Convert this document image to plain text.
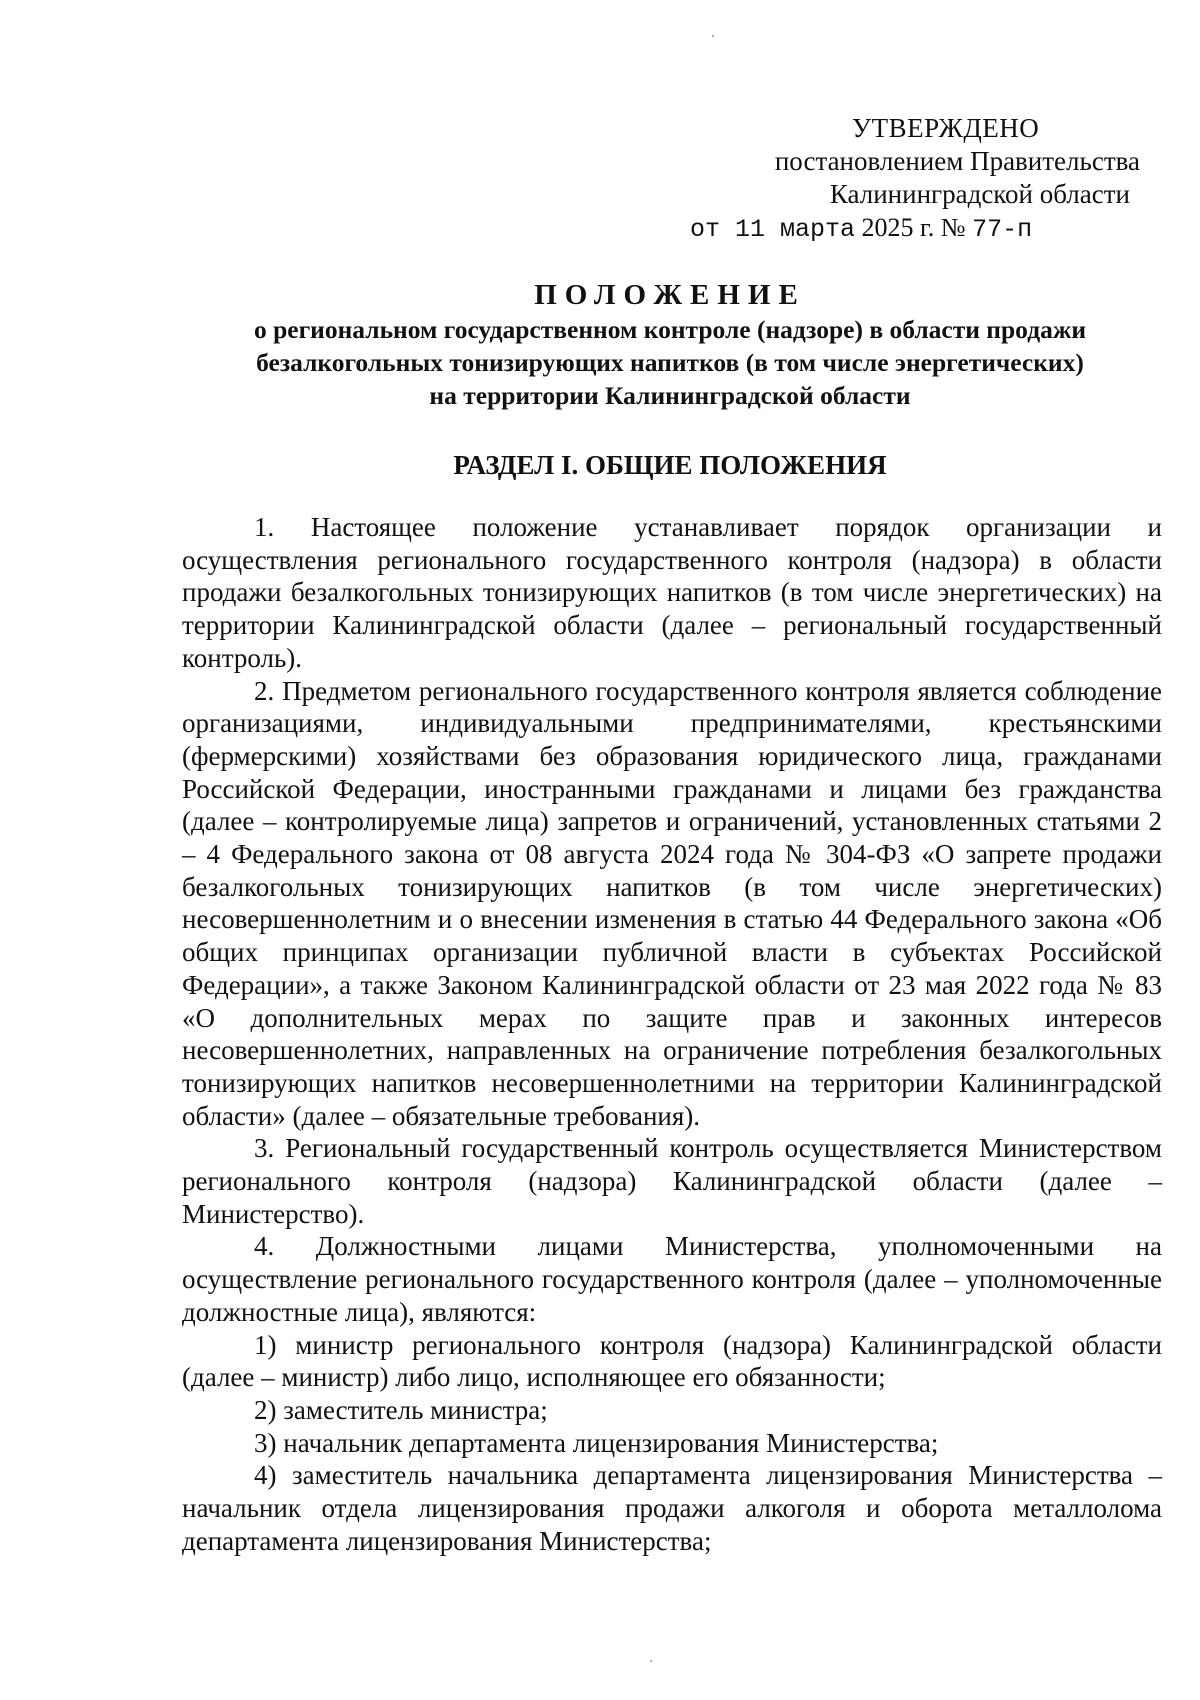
УТВЕРЖДЕНО
постановлением Правительства
Калининградской области
от 11 марта 2025 г. № 77-п
ПОЛОЖЕНИЕ
о региональном государственном контроле (надзоре) в области продажи
безалкогольных тонизирующих напитков (в том числе энергетических)
на территории Калининградской области
РАЗДЕЛ I. ОБЩИЕ ПОЛОЖЕНИЯ

1. Настоящее положение устанавливает порядок организации и осуществления регионального государственного контроля (надзора) в области продажи безалкогольных тонизирующих напитков (в том числе энергетических) на территории Калининградской области (далее – региональный государственный контроль).

2. Предметом регионального государственного контроля является соблюдение организациями, индивидуальными предпринимателями, крестьянскими (фермерскими) хозяйствами без образования юридического лица, гражданами Российской Федерации, иностранными гражданами и лицами без гражданства (далее – контролируемые лица) запретов и ограничений, установленных статьями 2 – 4 Федерального закона от 08 августа 2024 года № 304-ФЗ «О запрете продажи безалкогольных тонизирующих напитков (в том числе энергетических) несовершеннолетним и о внесении изменения в статью 44 Федерального закона «Об общих принципах организации публичной власти в субъектах Российской Федерации», а также Законом Калининградской области от 23 мая 2022 года № 83 «О дополнительных мерах по защите прав и законных интересов несовершеннолетних, направленных на ограничение потребления безалкогольных тонизирующих напитков несовершеннолетними на территории Калининградской области» (далее – обязательные требования).

3. Региональный государственный контроль осуществляется Министерством регионального контроля (надзора) Калининградской области (далее – Министерство).

4. Должностными лицами Министерства, уполномоченными на осуществление регионального государственного контроля (далее – уполномоченные должностные лица), являются:

1) министр регионального контроля (надзора) Калининградской области (далее – министр) либо лицо, исполняющее его обязанности;

2) заместитель министра;

3) начальник департамента лицензирования Министерства;

4) заместитель начальника департамента лицензирования Министерства – начальник отдела лицензирования продажи алкоголя и оборота металлолома департамента лицензирования Министерства;
